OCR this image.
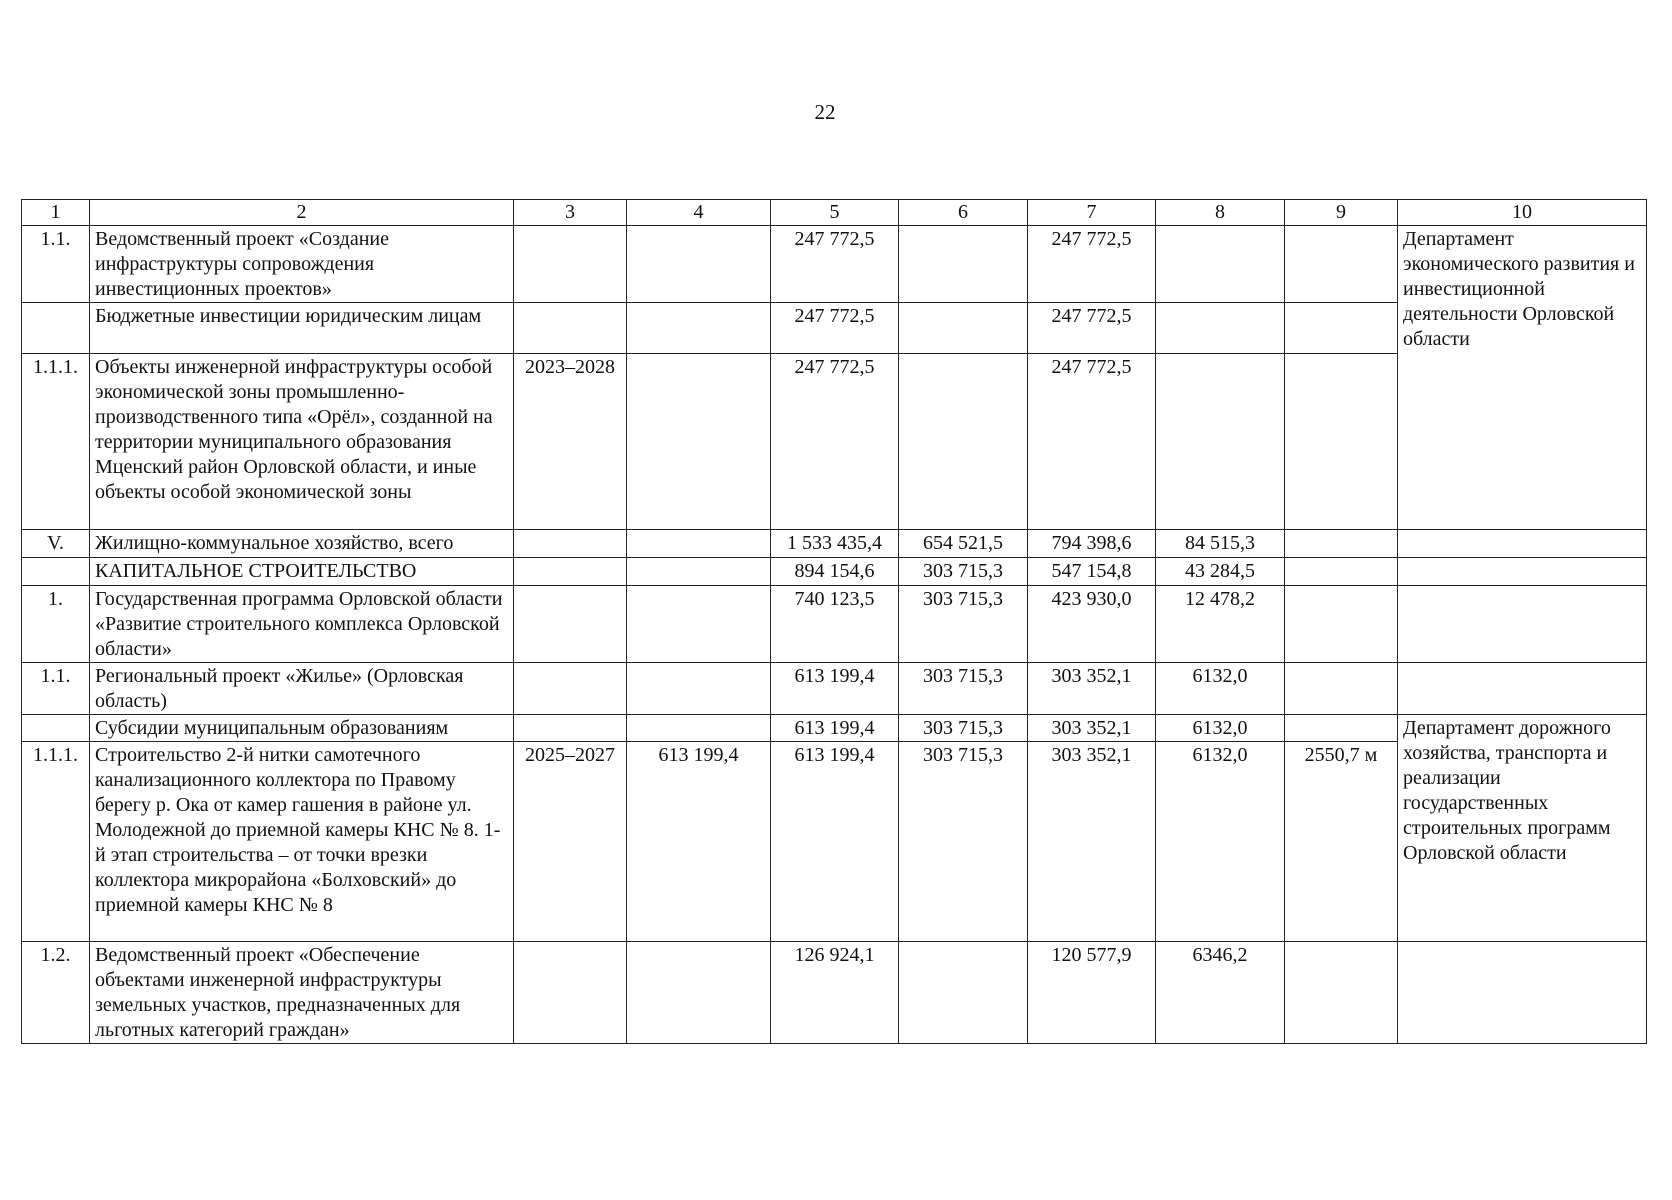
22
1	2	3	4	5	6	7	8	9	10
1.1.	Ведомственный проект «Создание инфраструктуры сопровождения инвестиционных проектов»			247 772,5		247 772,5			Департамент экономического развития и инвестиционной деятельности Орловской области
	Бюджетные инвестиции юридическим лицам			247 772,5		247 772,5			
1.1.1.	Объекты инженерной инфраструктуры особой экономической зоны промышленно-производственного типа «Орёл», созданной на территории муниципального образования Мценский район Орловской области, и иные объекты особой экономической зоны	2023–2028		247 772,5		247 772,5			
V.	Жилищно-коммунальное хозяйство, всего			1 533 435,4	654 521,5	794 398,6	84 515,3		
	КАПИТАЛЬНОЕ СТРОИТЕЛЬСТВО			894 154,6	303 715,3	547 154,8	43 284,5		
1.	Государственная программа Орловской области «Развитие строительного комплекса Орловской области»			740 123,5	303 715,3	423 930,0	12 478,2		
1.1.	Региональный проект «Жилье» (Орловская область)			613 199,4	303 715,3	303 352,1	6132,0		
	Субсидии муниципальным образованиям			613 199,4	303 715,3	303 352,1	6132,0		Департамент дорожного хозяйства, транспорта и реализации государственных строительных программ Орловской области
1.1.1.	Строительство 2-й нитки самотечного канализационного коллектора по Правому берегу р. Ока от камер гашения в районе ул. Молодежной до приемной камеры КНС № 8. 1-й этап строительства – от точки врезки коллектора микрорайона «Болховский» до приемной камеры КНС № 8	2025–2027	613 199,4	613 199,4	303 715,3	303 352,1	6132,0	2550,7 м	
1.2.	Ведомственный проект «Обеспечение объектами инженерной инфраструктуры земельных участков, предназначенных для льготных категорий граждан»			126 924,1		120 577,9	6346,2		
